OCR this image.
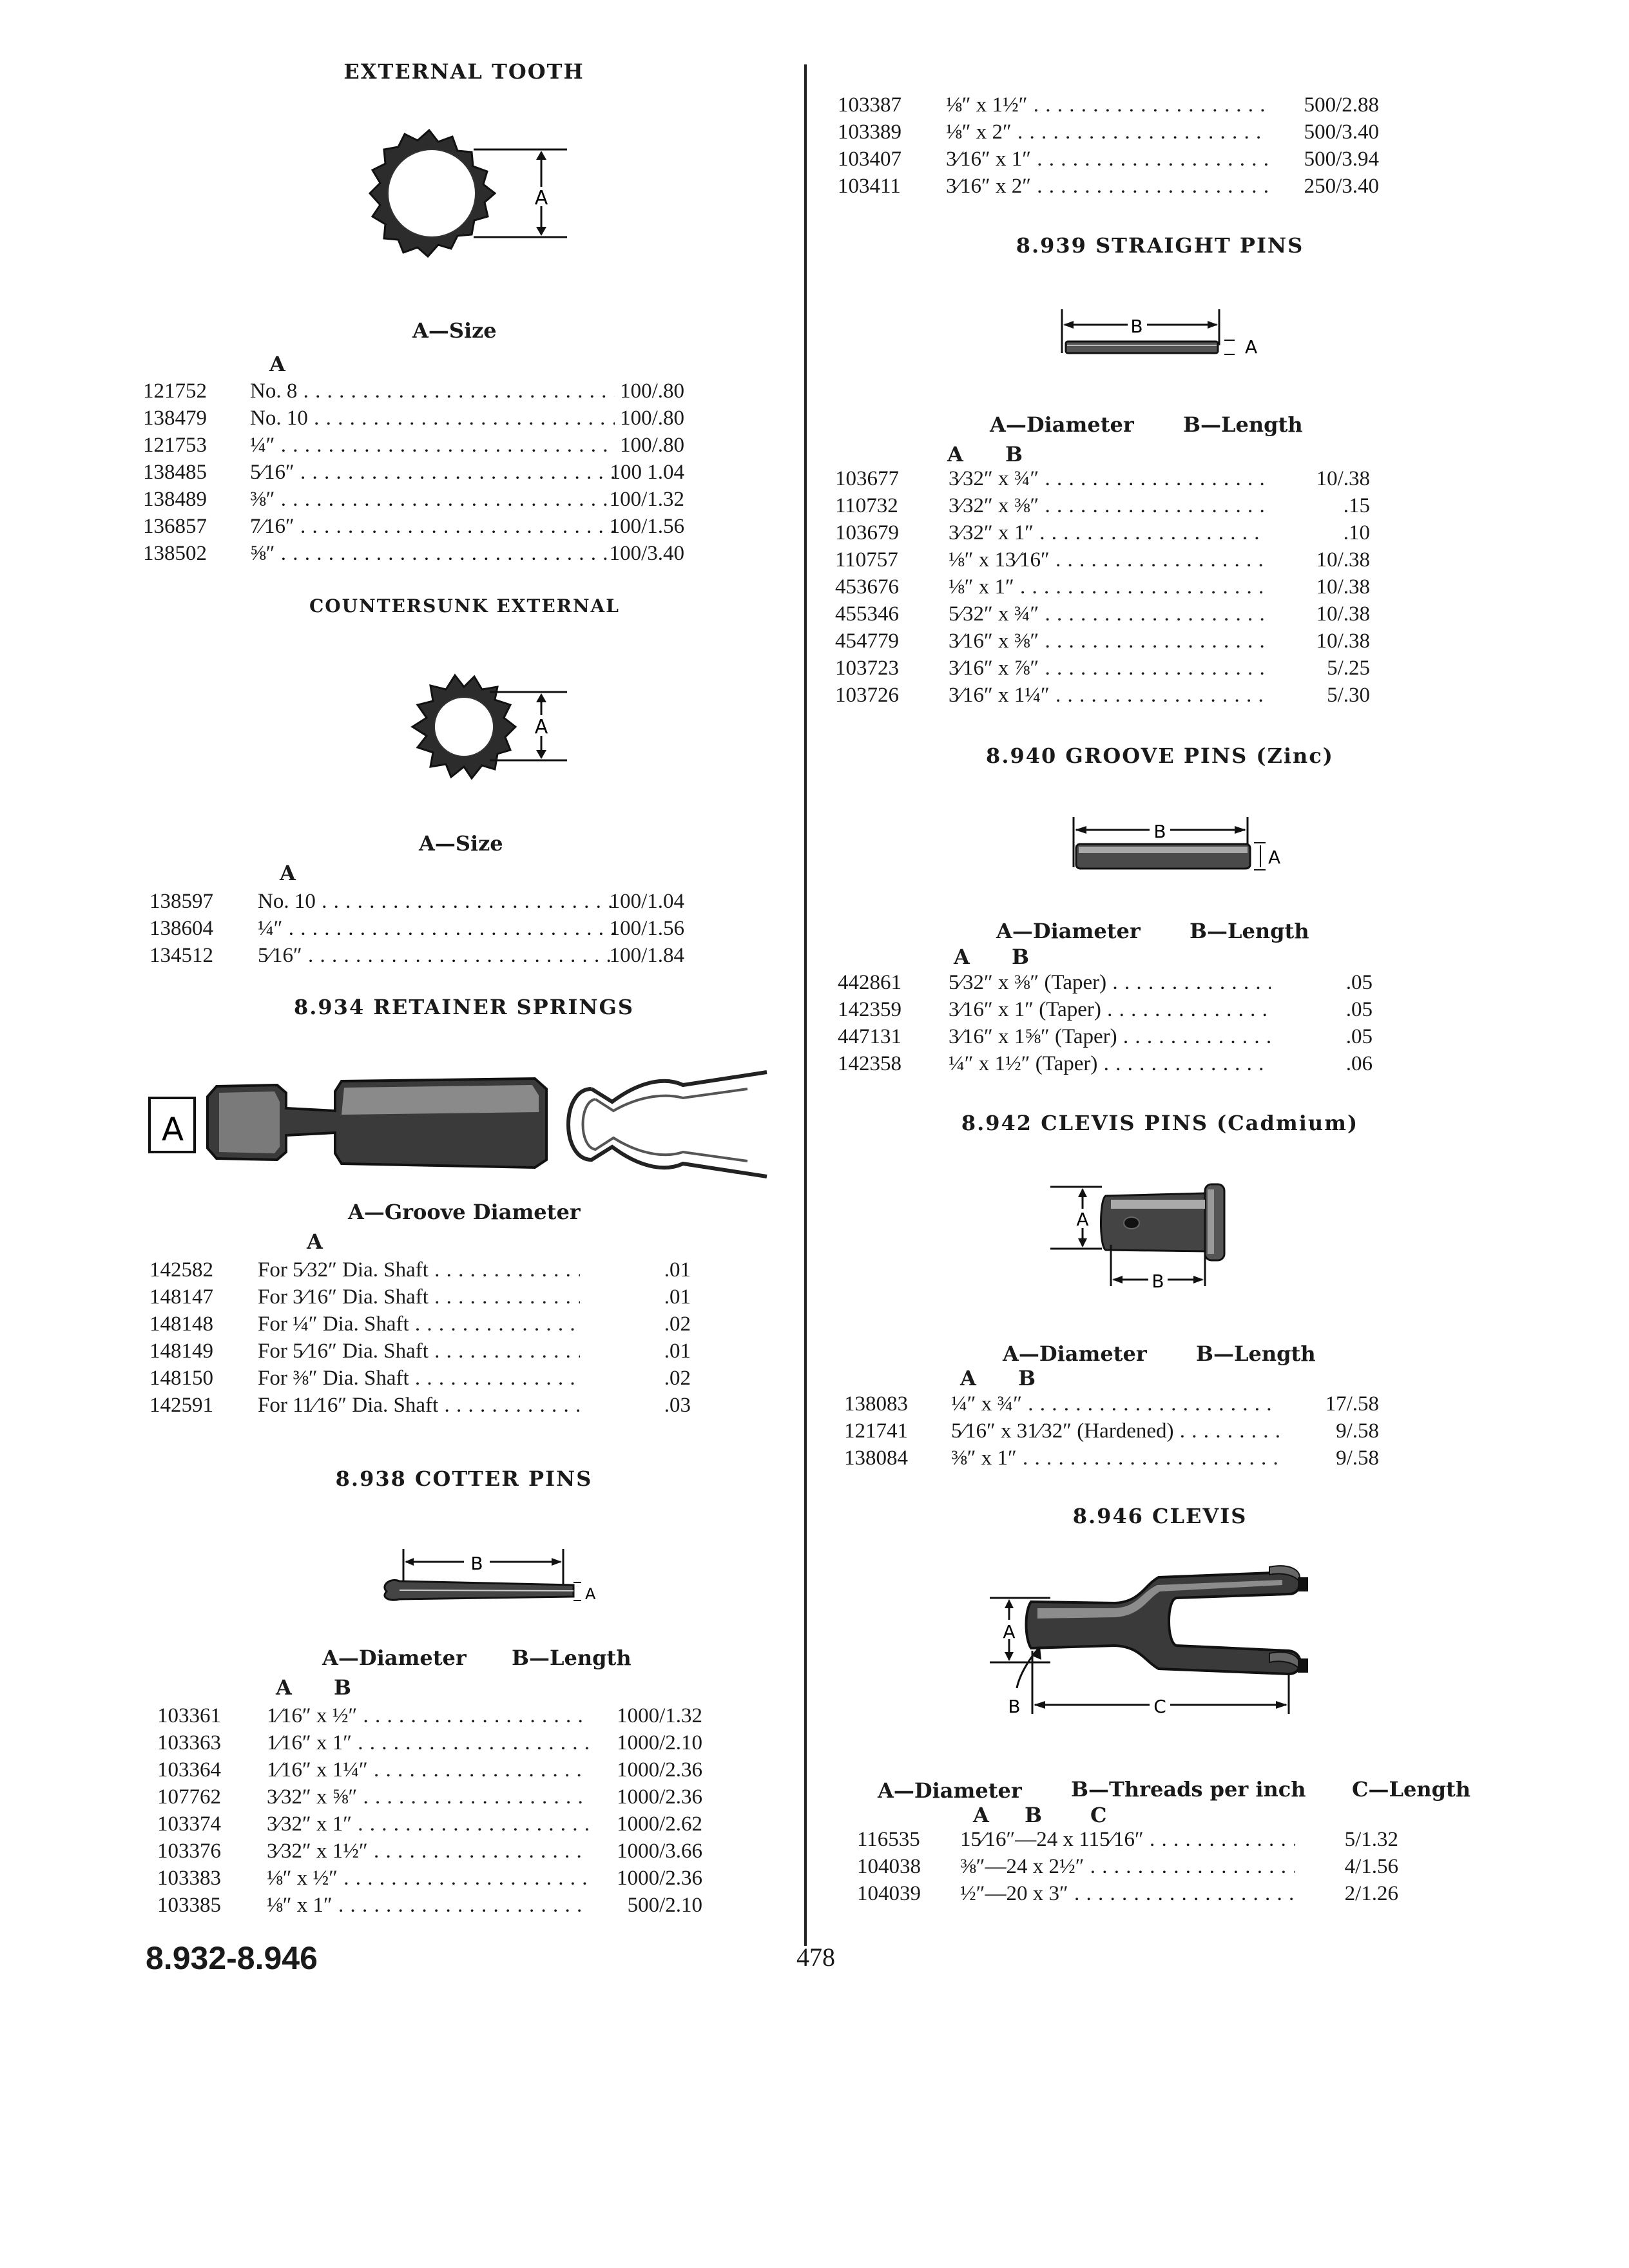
EXTERNAL TOOTH
A
A—Size
A
121752 No. 8 . . .	100/.80
138479 No. 10 . . .	100/.80
121753 ¼″ . . .	100/.80
138485 5⁄16″ . . .	100 1.04
138489 ⅜″ . . .	100/1.32
136857 7⁄16″ . . .	100/1.56
138502 ⅝″ . . .	100/3.40
COUNTERSUNK EXTERNAL
A
A—Size
A
138597 No. 10 . . .	100/1.04
138604 ¼″ . . .	100/1.56
134512 5⁄16″ . . .	100/1.84
8.934 RETAINER SPRINGS
A
A—Groove Diameter
A
142582 For 5⁄32″ Dia. Shaft . . .	.01
148147 For 3⁄16″ Dia. Shaft . . .	.01
148148 For ¼″ Dia. Shaft . . .	.02
148149 For 5⁄16″ Dia. Shaft . . .	.01
148150 For ⅜″ Dia. Shaft . . .	.02
142591 For 11⁄16″ Dia. Shaft . . .	.03
8.938 COTTER PINS
B
A
A—Diameter B—Length
A B
103361 1⁄16″ x ½″ . . .	1000/1.32
103363 1⁄16″ x 1″ . . .	1000/2.10
103364 1⁄16″ x 1¼″ . . .	1000/2.36
107762 3⁄32″ x ⅝″ . . .	1000/2.36
103374 3⁄32″ x 1″ . . .	1000/2.62
103376 3⁄32″ x 1½″ . . .	1000/3.66
103383 ⅛″ x ½″ . . .	1000/2.36
103385 ⅛″ x 1″ . . .	500/2.10
103387 ⅛″ x 1½″ . . .	500/2.88
103389 ⅛″ x 2″ . . .	500/3.40
103407 3⁄16″ x 1″ . . .	500/3.94
103411 3⁄16″ x 2″ . . .	250/3.40
8.939 STRAIGHT PINS
B
A
A—Diameter B—Length
A B
103677 3⁄32″ x ¾″ . . .	10/.38
110732 3⁄32″ x ⅜″ . . .	.15
103679 3⁄32″ x 1″ . . .	.10
110757 ⅛″ x 13⁄16″ . . .	10/.38
453676 ⅛″ x 1″ . . .	10/.38
455346 5⁄32″ x ¾″ . . .	10/.38
454779 3⁄16″ x ⅜″ . . .	10/.38
103723 3⁄16″ x ⅞″ . . .	5/.25
103726 3⁄16″ x 1¼″ . . .	5/.30
8.940 GROOVE PINS (Zinc)
B
A
A—Diameter B—Length
A B
442861 5⁄32″ x ⅜″ (Taper) . . .	.05
142359 3⁄16″ x 1″ (Taper) . . .	.05
447131 3⁄16″ x 1⅝″ (Taper) . . .	.05
142358 ¼″ x 1½″ (Taper) . . .	.06
8.942 CLEVIS PINS (Cadmium)
A
B
A—Diameter B—Length
A B
138083 ¼″ x ¾″ . . .	17/.58
121741 5⁄16″ x 31⁄32″ (Hardened) . . .	9/.58
138084 ⅜″ x 1″ . . .	9/.58
8.946 CLEVIS
A
B	C
A—Diameter B—Threads per inch C—Length
A B C
116535 15⁄16″—24 x 115⁄16″ . . .	5/1.32
104038 ⅜″—24 x 2½″ . . .	4/1.56
104039 ½″—20 x 3″ . . .	2/1.26
8.932-8.946	478
